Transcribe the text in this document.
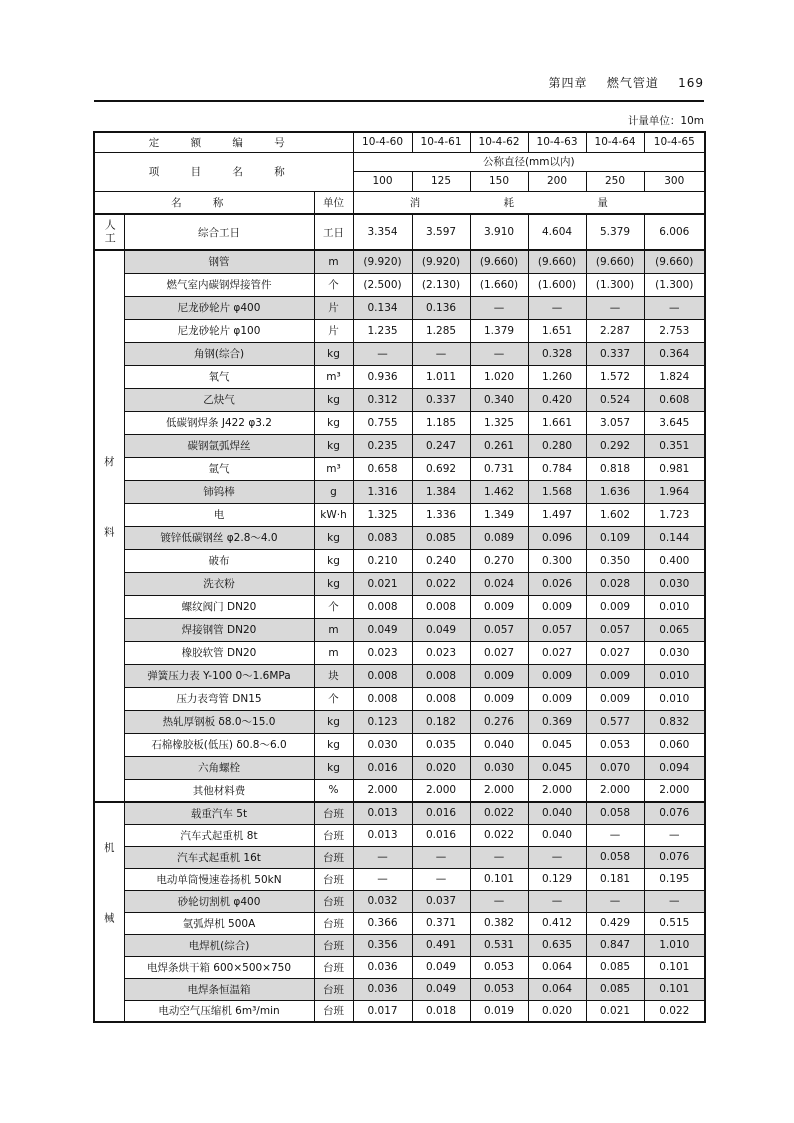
第四章 燃气管道 169
计量单位：10m
定 额 编 号			10-4-60	10-4-61	10-4-62	10-4-63	10-4-64	10-4-65
项 目 名 称			公称直径(mm以内)					
			100	125	150	200	250	300
名 称		单位	消 耗 量					
人工	综合工日	工日	3.354	3.597	3.910	4.604	5.379	6.006
材料	钢管	m	(9.920)	(9.920)	(9.660)	(9.660)	(9.660)	(9.660)
	燃气室内碳钢焊接管件	个	(2.500)	(2.130)	(1.660)	(1.600)	(1.300)	(1.300)
	尼龙砂轮片 φ400	片	0.134	0.136	—	—	—	—
	尼龙砂轮片 φ100	片	1.235	1.285	1.379	1.651	2.287	2.753
	角钢(综合)	kg	—	—	—	0.328	0.337	0.364
	氧气	m³	0.936	1.011	1.020	1.260	1.572	1.824
	乙炔气	kg	0.312	0.337	0.340	0.420	0.524	0.608
	低碳钢焊条 J422 φ3.2	kg	0.755	1.185	1.325	1.661	3.057	3.645
	碳钢氩弧焊丝	kg	0.235	0.247	0.261	0.280	0.292	0.351
	氩气	m³	0.658	0.692	0.731	0.784	0.818	0.981
	铈钨棒	g	1.316	1.384	1.462	1.568	1.636	1.964
	电	kW·h	1.325	1.336	1.349	1.497	1.602	1.723
	镀锌低碳钢丝 φ2.8～4.0	kg	0.083	0.085	0.089	0.096	0.109	0.144
	破布	kg	0.210	0.240	0.270	0.300	0.350	0.400
	洗衣粉	kg	0.021	0.022	0.024	0.026	0.028	0.030
	螺纹阀门 DN20	个	0.008	0.008	0.009	0.009	0.009	0.010
	焊接钢管 DN20	m	0.049	0.049	0.057	0.057	0.057	0.065
	橡胶软管 DN20	m	0.023	0.023	0.027	0.027	0.027	0.030
	弹簧压力表 Y-100 0～1.6MPa	块	0.008	0.008	0.009	0.009	0.009	0.010
	压力表弯管 DN15	个	0.008	0.008	0.009	0.009	0.009	0.010
	热轧厚钢板 δ8.0～15.0	kg	0.123	0.182	0.276	0.369	0.577	0.832
	石棉橡胶板(低压) δ0.8～6.0	kg	0.030	0.035	0.040	0.045	0.053	0.060
	六角螺栓	kg	0.016	0.020	0.030	0.045	0.070	0.094
	其他材料费	%	2.000	2.000	2.000	2.000	2.000	2.000
机械	载重汽车 5t	台班	0.013	0.016	0.022	0.040	0.058	0.076
	汽车式起重机 8t	台班	0.013	0.016	0.022	0.040	—	—
	汽车式起重机 16t	台班	—	—	—	—	0.058	0.076
	电动单筒慢速卷扬机 50kN	台班	—	—	0.101	0.129	0.181	0.195
	砂轮切割机 φ400	台班	0.032	0.037	—	—	—	—
	氩弧焊机 500A	台班	0.366	0.371	0.382	0.412	0.429	0.515
	电焊机(综合)	台班	0.356	0.491	0.531	0.635	0.847	1.010
	电焊条烘干箱 600×500×750	台班	0.036	0.049	0.053	0.064	0.085	0.101
	电焊条恒温箱	台班	0.036	0.049	0.053	0.064	0.085	0.101
	电动空气压缩机 6m³/min	台班	0.017	0.018	0.019	0.020	0.021	0.022
